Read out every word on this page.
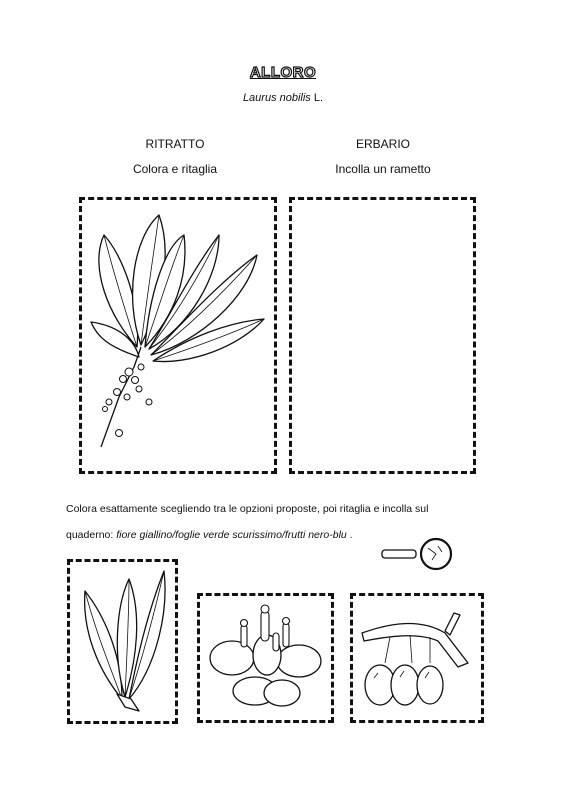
ALLORO
Laurus nobilis L.
RITRATTO
Colora e ritaglia
ERBARIO
Incolla un rametto
Colora esattamente scegliendo tra le opzioni proposte, poi ritaglia e incolla sul
quaderno: fiore giallino/foglie verde scurissimo/frutti nero-blu .
